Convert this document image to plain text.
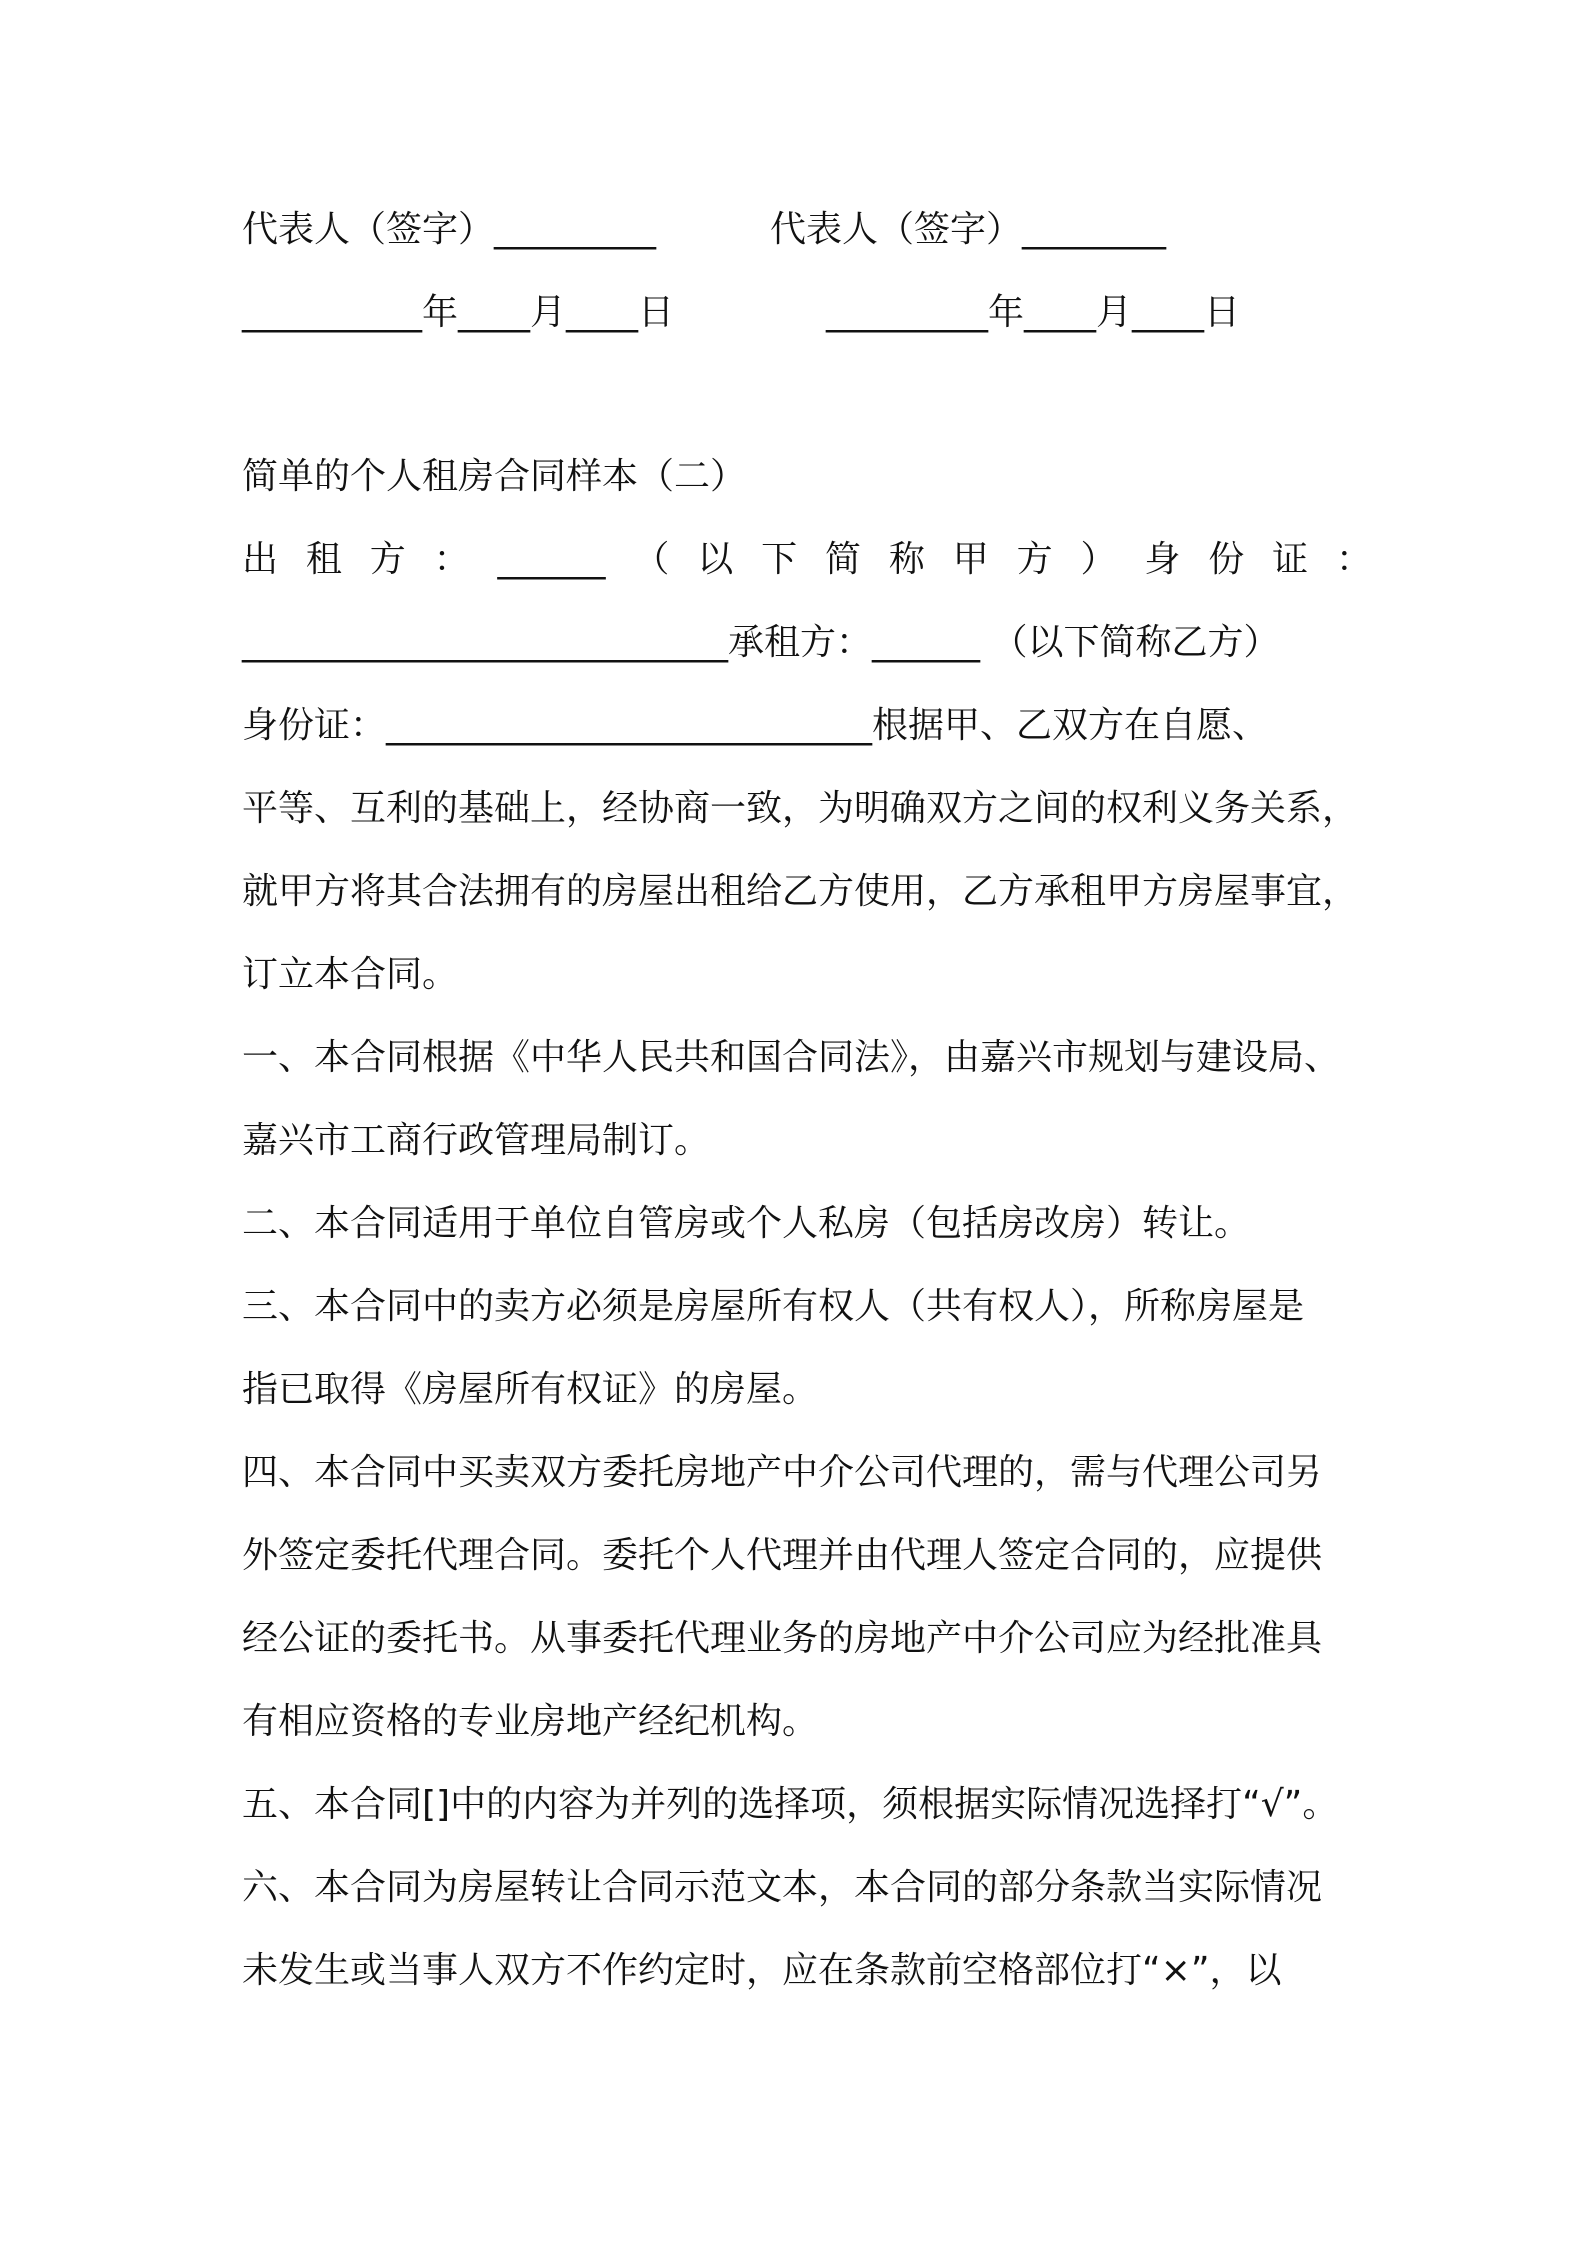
代表人（签字）_________	代表人（签字）________
__________年____月____日	_________年____月____日
简单的个人租房合同样本（二）
出 租 方 ： ______ （ 以 下 简 称 甲 方 ） 身 份 证 ：
___________________________承租方：______ （以下简称乙方）
身份证：___________________________根据甲、乙双方在自愿、
平等、互利的基础上，经协商一致，为明确双方之间的权利义务关系，
就甲方将其合法拥有的房屋出租给乙方使用，乙方承租甲方房屋事宜，
订立本合同。
一、本合同根据《中华人民共和国合同法》，由嘉兴市规划与建设局、
嘉兴市工商行政管理局制订。
二、本合同适用于单位自管房或个人私房（包括房改房）转让。
三、本合同中的卖方必须是房屋所有权人（共有权人），所称房屋是
指已取得《房屋所有权证》的房屋。
四、本合同中买卖双方委托房地产中介公司代理的，需与代理公司另
外签定委托代理合同。委托个人代理并由代理人签定合同的，应提供
经公证的委托书。从事委托代理业务的房地产中介公司应为经批准具
有相应资格的专业房地产经纪机构。
五、本合同[]中的内容为并列的选择项，须根据实际情况选择打“√”。
六、本合同为房屋转让合同示范文本，本合同的部分条款当实际情况
未发生或当事人双方不作约定时，应在条款前空格部位打“×”，以
